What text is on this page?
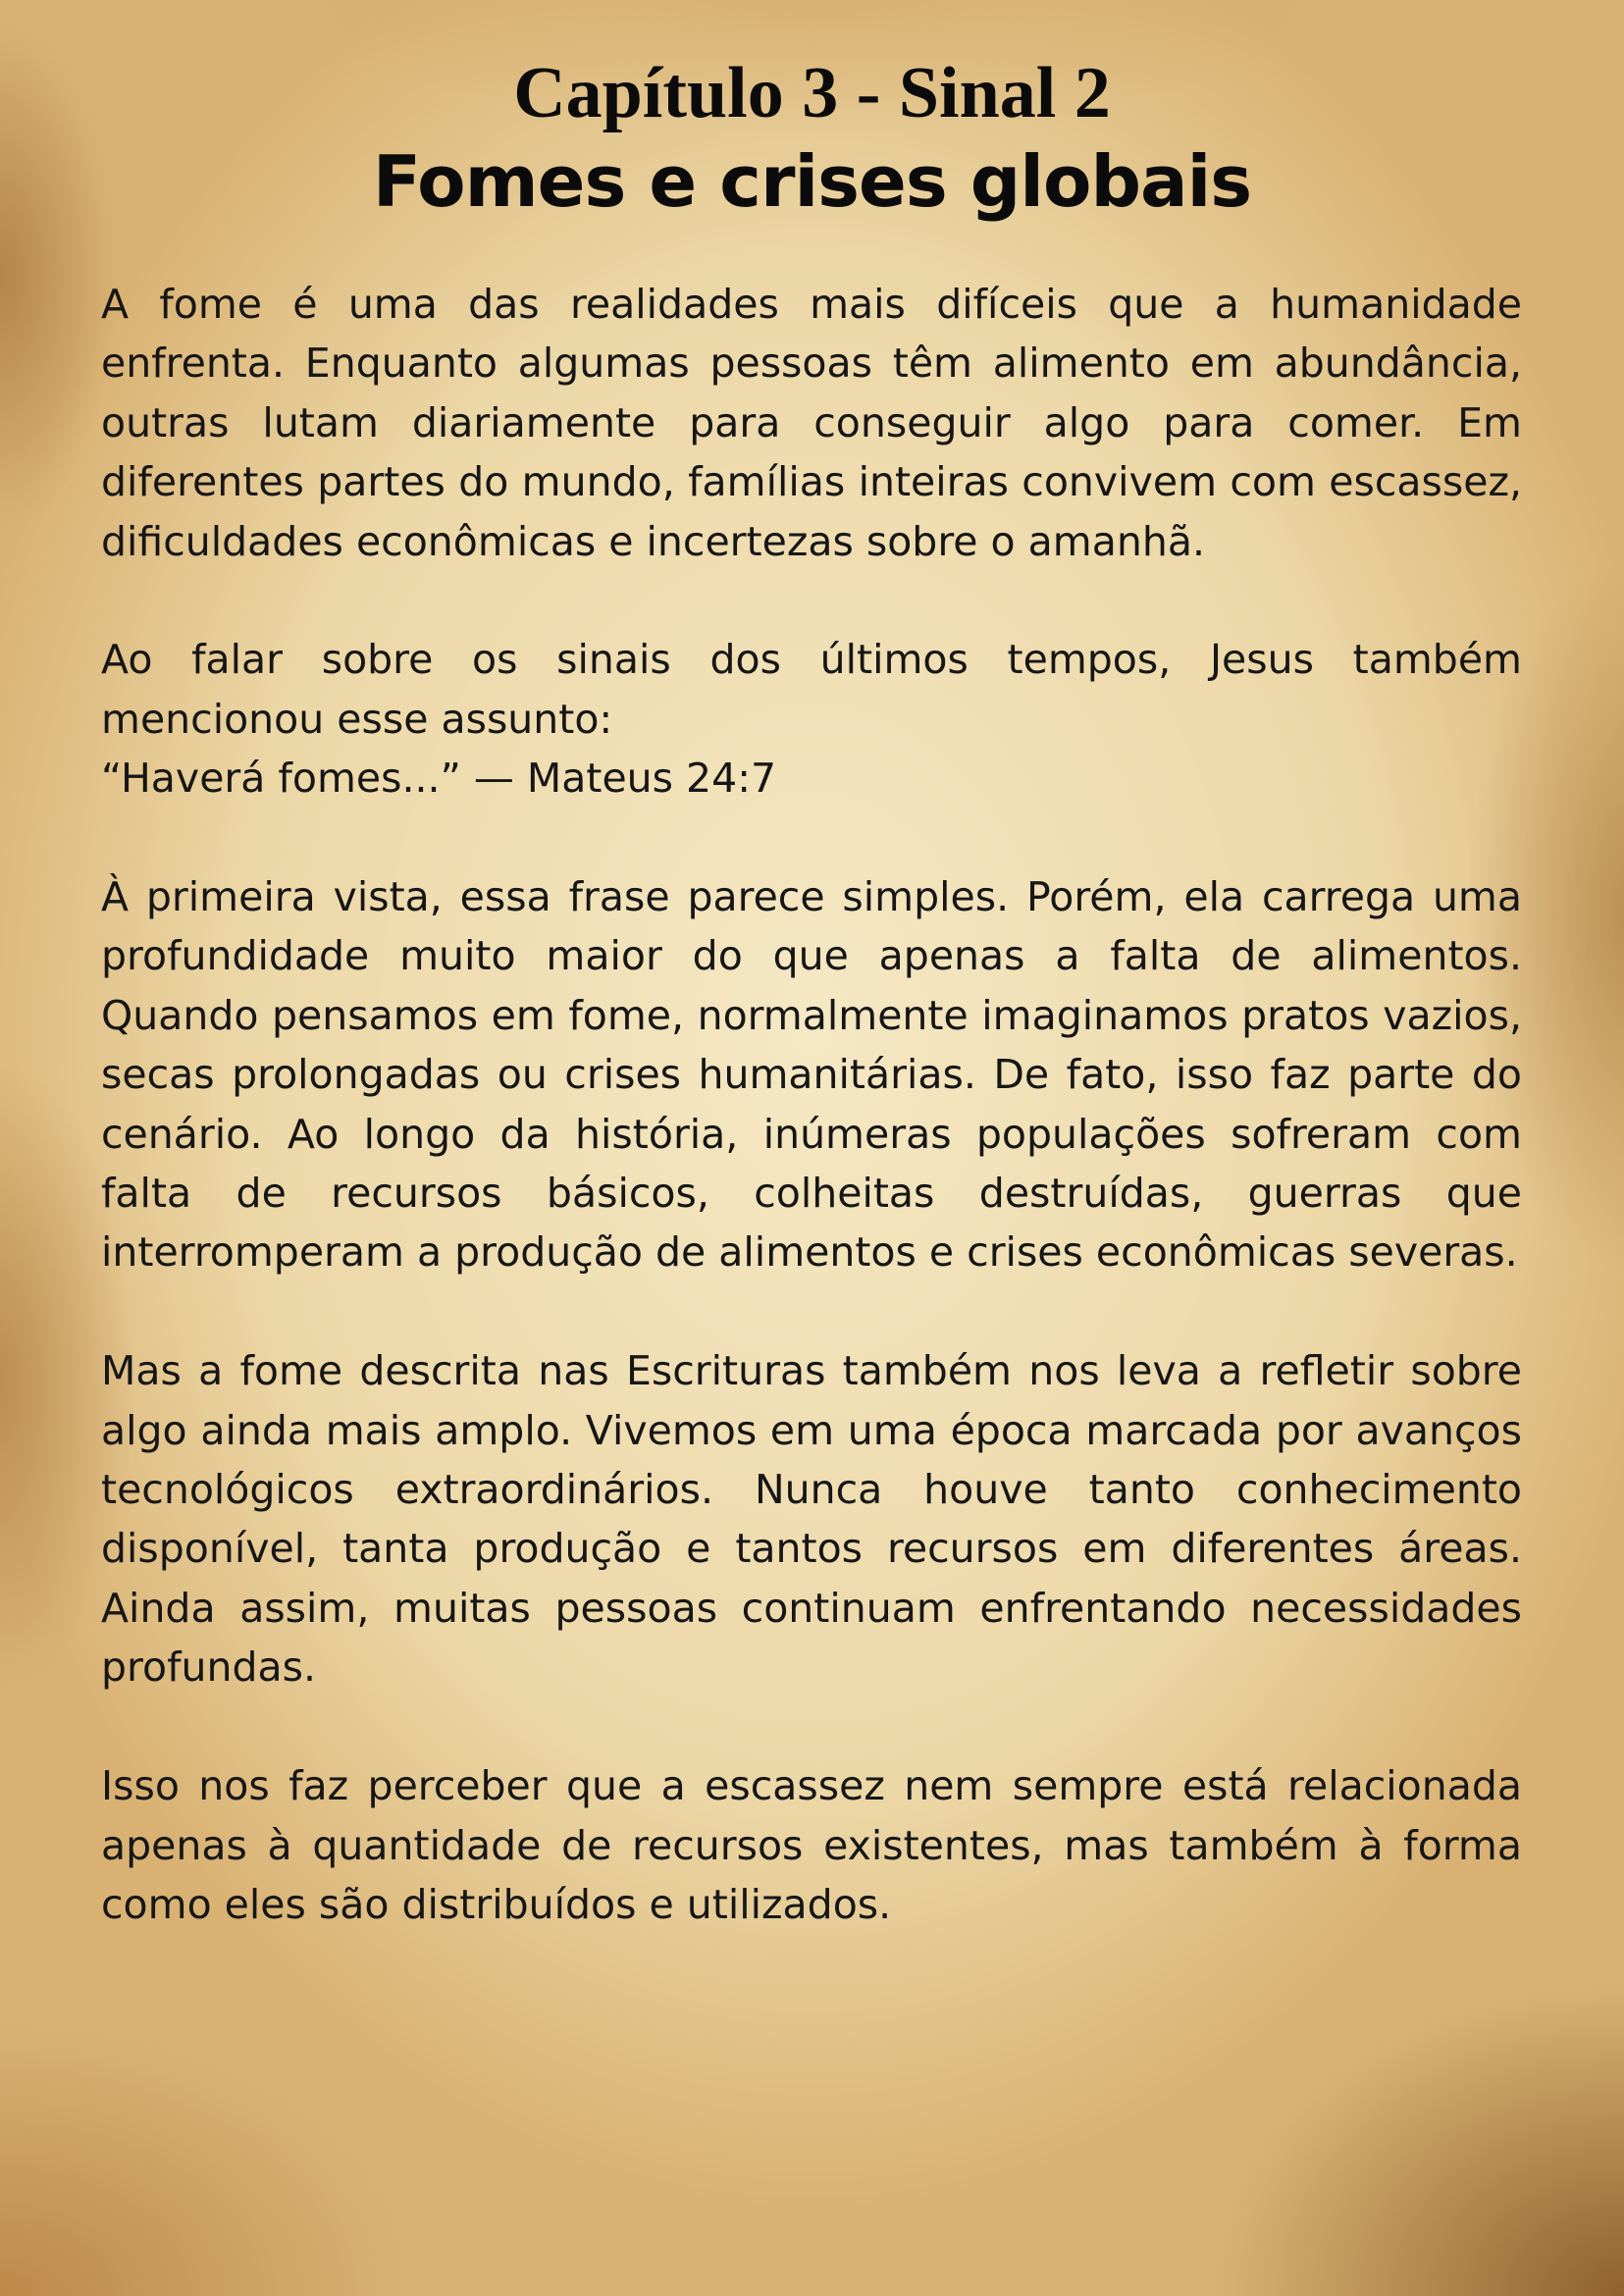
Capítulo 3 - Sinal 2
Fomes e crises globais

A fome é uma das realidades mais difíceis que a humanidade enfrenta. Enquanto algumas pessoas têm alimento em abundância, outras lutam diariamente para conseguir algo para comer. Em diferentes partes do mundo, famílias inteiras convivem com escassez, dificuldades econômicas e incertezas sobre o amanhã.

Ao falar sobre os sinais dos últimos tempos, Jesus também mencionou esse assunto:
“Haverá fomes...” — Mateus 24:7

À primeira vista, essa frase parece simples. Porém, ela carrega uma profundidade muito maior do que apenas a falta de alimentos. Quando pensamos em fome, normalmente imaginamos pratos vazios, secas prolongadas ou crises humanitárias. De fato, isso faz parte do cenário. Ao longo da história, inúmeras populações sofreram com falta de recursos básicos, colheitas destruídas, guerras que interromperam a produção de alimentos e crises econômicas severas.

Mas a fome descrita nas Escrituras também nos leva a refletir sobre algo ainda mais amplo. Vivemos em uma época marcada por avanços tecnológicos extraordinários. Nunca houve tanto conhecimento disponível, tanta produção e tantos recursos em diferentes áreas. Ainda assim, muitas pessoas continuam enfrentando necessidades profundas.

Isso nos faz perceber que a escassez nem sempre está relacionada apenas à quantidade de recursos existentes, mas também à forma como eles são distribuídos e utilizados.
